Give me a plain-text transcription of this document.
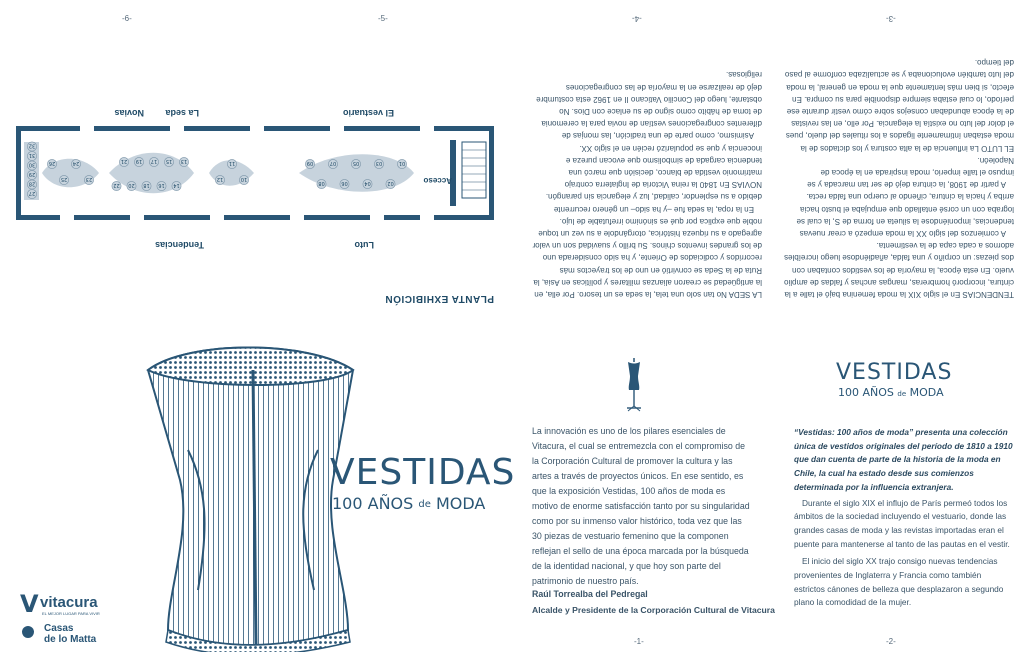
-6-	-5-	-4-	-3-
PLANTA EXHIBICIÓN
01
02
03
04
05
06
07
08
09
10
11
12
13
14
15
16
17
18
19
20
21
22
23
24
25
26
27
28
29
30
31
32
Tendencias	Luto
El vestuario
La seda
Novias
Acceso

LA SEDA No tan solo una tela, la seda es un tesoro. Por ella, en la antigüedad se crearon alianzas militares y políticas en Asia, la Ruta de la Seda se convirtió en uno de los trayectos más recorridos y codiciados de Oriente, y ha sido considerada uno de los grandes inventos chinos. Su brillo y suavidad son un valor agregado a su riqueza histórica, otorgándole a su vez un toque noble que explica por qué es sinónimo irrefutable de lujo.

En la ropa, la seda fue –y ha sido– un género recurrente debido a su esplendor, calidad, luz y elegancia sin parangón.

NOVIAS En 1840 la reina Victoria de Inglaterra contrajo matrimonio vestida de blanco, decisión que marcó una tendencia cargada de simbolismo que evocan pureza e inocencia y que se popularizó recién en el siglo XX.

Asimismo, como parte de una tradición, las monjas de diferentes congregaciones vestían de novia para la ceremonia de toma de hábito como signo de su enlace con Dios. No obstante, luego del Concilio Vaticano II en 1962 esta costumbre dejó de realizarse en la mayoría de las congregaciones religiosas.

TENDENCIAS En el siglo XIX la moda femenina bajó el talle a la cintura, incorporó hombreras, mangas anchas y faldas de amplio vuelo. En esta época, la mayoría de los vestidos contaban con dos piezas: un corpiño y una falda, añadiéndose luego increíbles adornos a cada capa de la vestimenta.

A comienzos del siglo XX la moda empezó a crear nuevas tendencias, imponiéndose la silueta en forma de S, la cual se lograba con un corsé entallado que empujaba el busto hacia arriba y hacia la cintura, ciñendo al cuerpo una falda recta.

A partir de 1908, la cintura dejó de ser tan marcada y se impuso el talle imperio, moda inspirada en la época de Napoleón.

EL LUTO La influencia de la alta costura y los dictados de la moda estaban íntimamente ligados a los rituales del duelo, pues el dolor del luto no existía la elegancia. Por ello, en las revistas de la época abundaban consejos sobre cómo vestir durante ese período, lo cual estaba siempre disponible para su compra. En efecto, si bien más lentamente que la moda en general, la moda del luto también evolucionaba y se actualizaba conforme al paso del tiempo.

VESTIDAS
100 AÑOS de MODA
V vitacura
EL MEJOR LUGAR PARA VIVIR
Casas
de lo Matta
La innovación es uno de los pilares esenciales de Vitacura, el cual se entremezcla con el compromiso de la Corporación Cultural de promover la cultura y las artes a través de proyectos únicos. En ese sentido, es que la exposición Vestidas, 100 años de moda es motivo de enorme satisfacción tanto por su singularidad como por su inmenso valor histórico, toda vez que las 30 piezas de vestuario femenino que la componen reflejan el sello de una época marcada por la búsqueda de la identidad nacional, y que hoy son parte del patrimonio de nuestro país.
Raúl Torrealba del Pedregal
Alcalde y Presidente de la Corporación Cultural de Vitacura
VESTIDAS
100 AÑOS de MODA

“Vestidas: 100 años de moda” presenta una colección única de vestidos originales del período de 1810 a 1910 que dan cuenta de parte de la historia de la moda en Chile, la cual ha estado desde sus comienzos determinada por la influencia extranjera.

Durante el siglo XIX el influjo de París permeó todos los ámbitos de la sociedad incluyendo el vestuario, donde las grandes casas de moda y las revistas importadas eran el puente para mantenerse al tanto de las pautas en el vestir.

El inicio del siglo XX trajo consigo nuevas tendencias provenientes de Inglaterra y Francia como también estrictos cánones de belleza que desplazaron a segundo plano la comodidad de la mujer.

-1-	-2-
